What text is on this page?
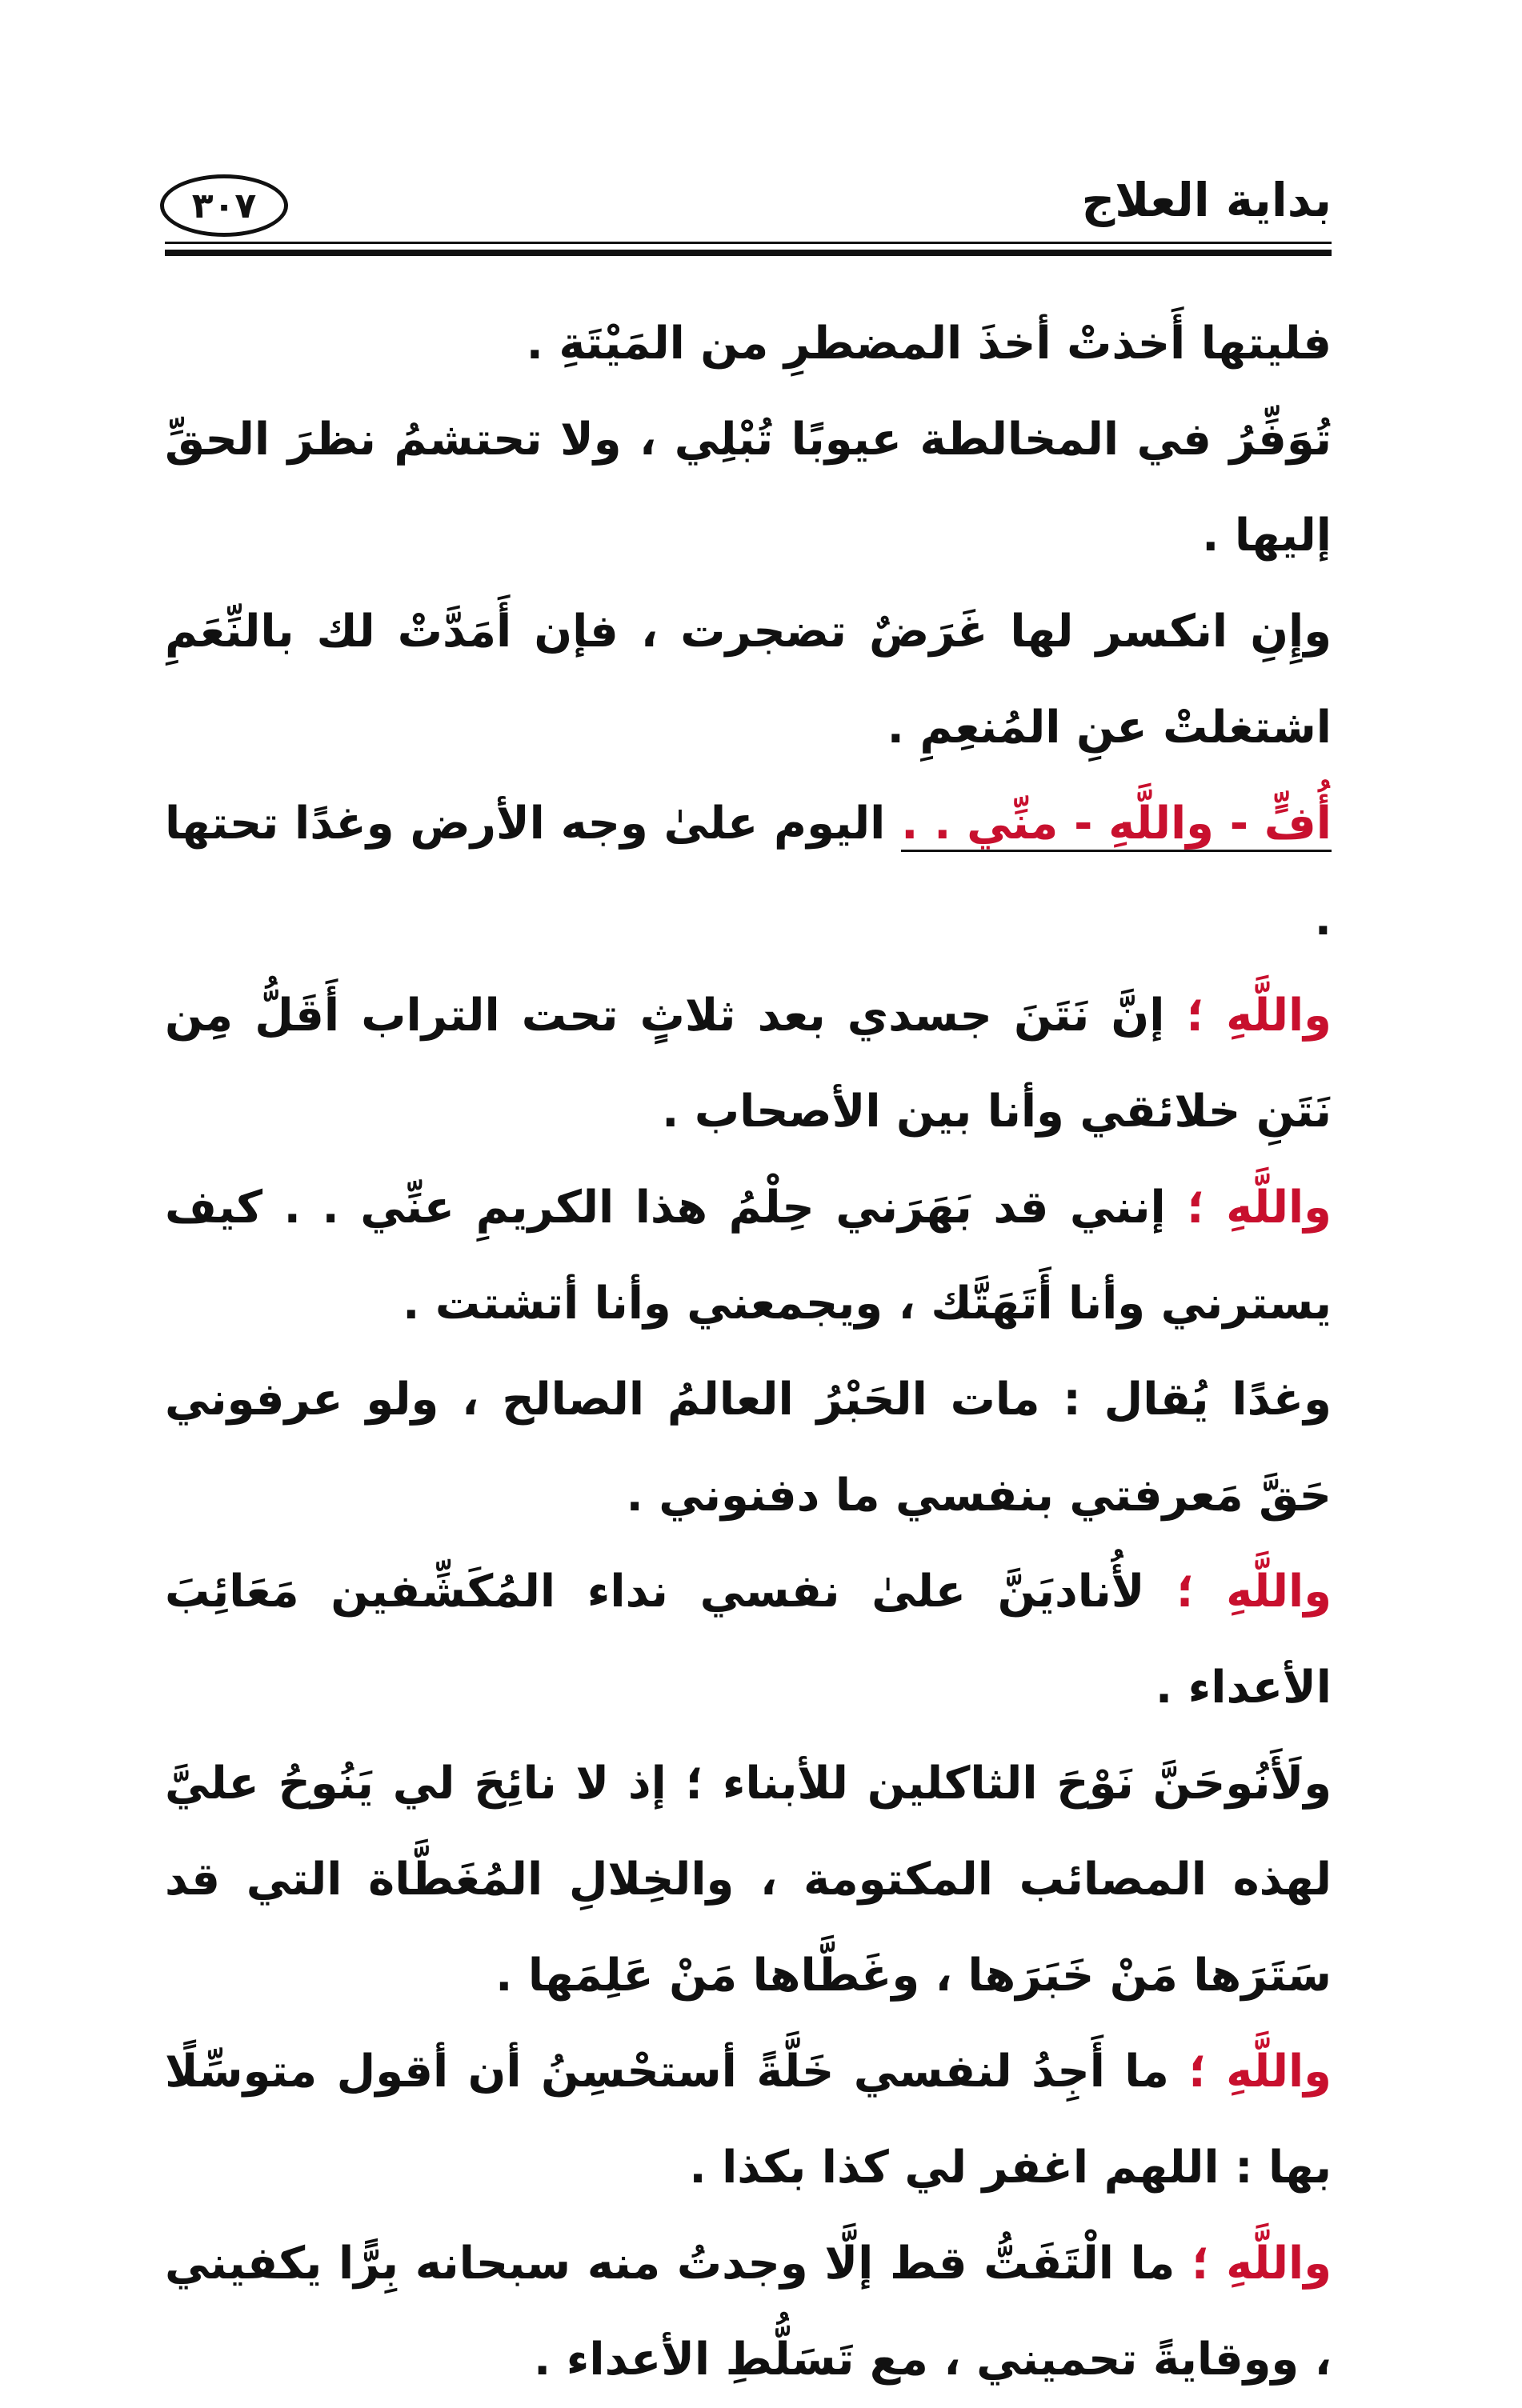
بداية العلاج
٣٠٧

فليتها أَخذتْ أخذَ المضطرِ من المَيْتَةِ .

تُوَفِّرُ في المخالطة عيوبًا تُبْلِي ، ولا تحتشمُ نظرَ الحقِّ إليها .

وإِنِ انكسر لها غَرَضٌ تضجرت ، فإن أَمَدَّتْ لك بالنِّعَمِ اشتغلتْ عنِ المُنعِمِ .

أُفٍّ - واللَّهِ - منِّي . . اليوم علىٰ وجه الأرض وغدًا تحتها .

واللَّهِ ؛ إنَّ نَتَنَ جسدي بعد ثلاثٍ تحت التراب أَقَلُّ مِن نَتَنِ خلائقي وأنا بين الأصحاب .

واللَّهِ ؛ إنني قد بَهَرَني حِلْمُ هذا الكريمِ عنِّي . . كيف يسترني وأنا أَتَهَتَّك ، ويجمعني وأنا أتشتت .

وغدًا يُقال : مات الحَبْرُ العالمُ الصالح ، ولو عرفوني حَقَّ مَعرفتي بنفسي ما دفنوني .

واللَّهِ ؛ لأُناديَنَّ علىٰ نفسي نداء المُكَشِّفين مَعَائِبَ الأعداء .

ولَأَنُوحَنَّ نَوْحَ الثاكلين للأبناء ؛ إذ لا نائِحَ لي يَنُوحُ عليَّ لهذه المصائب المكتومة ، والخِلالِ المُغَطَّاة التي قد سَتَرَها مَنْ خَبَرَها ، وغَطَّاها مَنْ عَلِمَها .

واللَّهِ ؛ ما أَجِدُ لنفسي خَلَّةً أستحْسِنُ أن أقول متوسِّلًا بها : اللهم اغفر لي كذا بكذا .

واللَّهِ ؛ ما الْتَفَتُّ قط إلَّا وجدتُ منه سبحانه بِرًّا يكفيني ، ووقايةً تحميني ، مع تَسَلُّطِ الأعداء .
